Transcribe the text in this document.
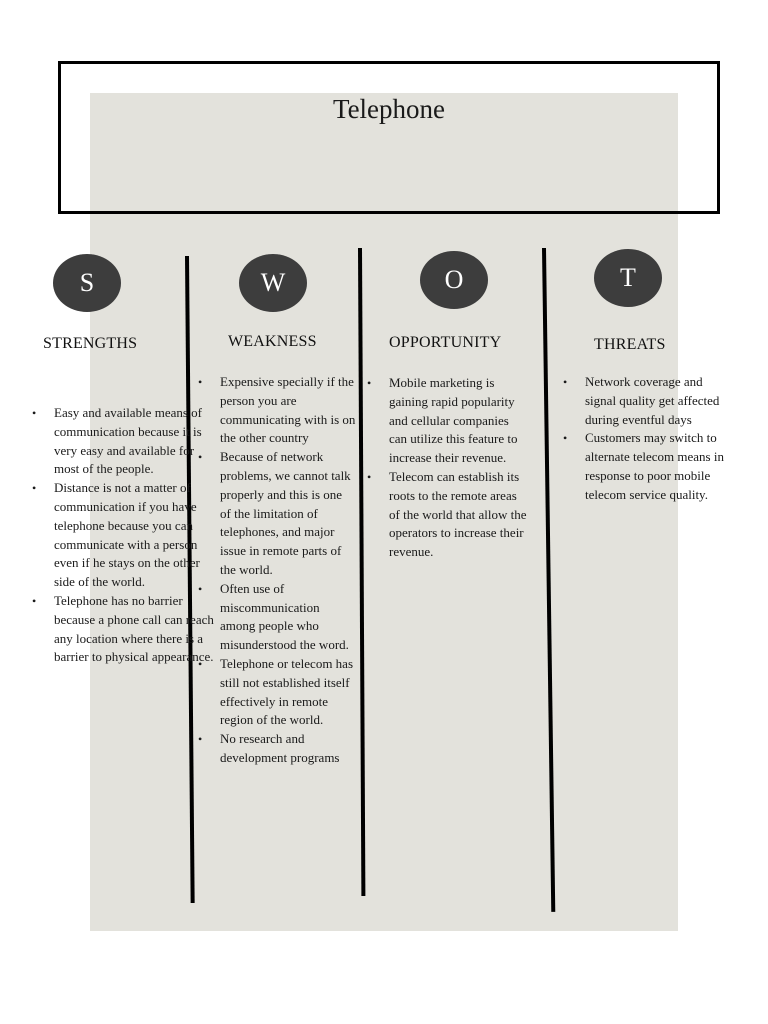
Telephone
S
STRENGTHS
• Easy and available means of communication because it is very easy and available for most of the people.
• Distance is not a matter of communication if you have telephone because you can communicate with a person even if he stays on the other side of the world.
• Telephone has no barrier because a phone call can reach any location where there is a barrier to physical appearance.
W
WEAKNESS
• Expensive specially if the person you are communicating with is on the other country
• Because of network problems, we cannot talk properly and this is one of the limitation of telephones, and major issue in remote parts of the world.
• Often use of miscommunication among people who misunderstood the word.
• Telephone or telecom has still not established itself effectively in remote region of the world.
• No research and development programs
O
OPPORTUNITY
• Mobile marketing is gaining rapid popularity and cellular companies can utilize this feature to increase their revenue.
• Telecom can establish its roots to the remote areas of the world that allow the operators to increase their revenue.
T
THREATS
• Network coverage and signal quality get affected during eventful days
• Customers may switch to alternate telecom means in response to poor mobile telecom service quality.
